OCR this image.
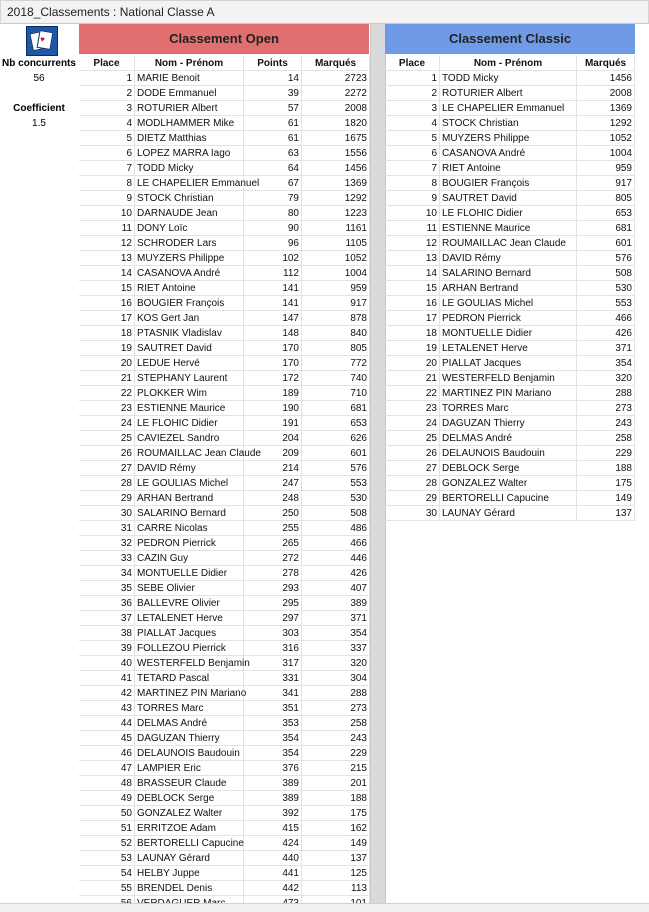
2018_Classements : National Classe A
♥	Classement Open	Classement Classic
Nb concurrents
56
Coefficient
1.5
Place	Nom - Prénom	Points	Marqués
1 MARIE Benoit	14	2723
2 DODE Emmanuel	39	2272
3 ROTURIER Albert	57	2008
4 MODLHAMMER Mike	61	1820
5 DIETZ Matthias	61	1675
6 LOPEZ MARRA Iago	63	1556
7 TODD Micky	64	1456
8 LE CHAPELIER Emmanuel	67	1369
9 STOCK Christian	79	1292
10 DARNAUDE Jean	80	1223
11 DONY Loïc	90	1161
12 SCHRODER Lars	96	1105
13 MUYZERS Philippe	102	1052
14 CASANOVA André	112	1004
15 RIET Antoine	141	959
16 BOUGIER François	141	917
17 KOS Gert Jan	147	878
18 PTASNIK Vladislav	148	840
19 SAUTRET David	170	805
20 LEDUE Hervé	170	772
21 STEPHANY Laurent	172	740
22 PLOKKER Wim	189	710
23 ESTIENNE Maurice	190	681
24 LE FLOHIC Didier	191	653
25 CAVIEZEL Sandro	204	626
26 ROUMAILLAC Jean Claude	209	601
27 DAVID Rémy	214	576
28 LE GOULIAS Michel	247	553
29 ARHAN Bertrand	248	530
30 SALARINO Bernard	250	508
31 CARRE Nicolas	255	486
32 PEDRON Pierrick	265	466
33 CAZIN Guy	272	446
34 MONTUELLE Didier	278	426
35 SEBE Olivier	293	407
36 BALLEVRE Olivier	295	389
37 LETALENET Herve	297	371
38 PIALLAT Jacques	303	354
39 FOLLEZOU Pierrick	316	337
40 WESTERFELD Benjamin	317	320
41 TETARD Pascal	331	304
42 MARTINEZ PIN Mariano	341	288
43 TORRES Marc	351	273
44 DELMAS André	353	258
45 DAGUZAN Thierry	354	243
46 DELAUNOIS Baudouin	354	229
47 LAMPIER Eric	376	215
48 BRASSEUR Claude	389	201
49 DEBLOCK Serge	389	188
50 GONZALEZ Walter	392	175
51 ERRITZOE Adam	415	162
52 BERTORELLI Capucine	424	149
53 LAUNAY Gérard	440	137
54 HELBY Juppe	441	125
55 BRENDEL Denis	442	113
Place	Nom - Prénom	Marqués
1 TODD Micky	1456
2 ROTURIER Albert	2008
3 LE CHAPELIER Emmanuel	1369
4 STOCK Christian	1292
5 MUYZERS Philippe	1052
6 CASANOVA André	1004
7 RIET Antoine	959
8 BOUGIER François	917
9 SAUTRET David	805
10 LE FLOHIC Didier	653
11 ESTIENNE Maurice	681
12 ROUMAILLAC Jean Claude	601
13 DAVID Rémy	576
14 SALARINO Bernard	508
15 ARHAN Bertrand	530
16 LE GOULIAS Michel	553
17 PEDRON Pierrick	466
18 MONTUELLE Didier	426
19 LETALENET Herve	371
20 PIALLAT Jacques	354
21 WESTERFELD Benjamin	320
22 MARTINEZ PIN Mariano	288
23 TORRES Marc	273
24 DAGUZAN Thierry	243
25 DELMAS André	258
26 DELAUNOIS Baudouin	229
27 DEBLOCK Serge	188
28 GONZALEZ Walter	175
29 BERTORELLI Capucine	149
30 LAUNAY Gérard	137
